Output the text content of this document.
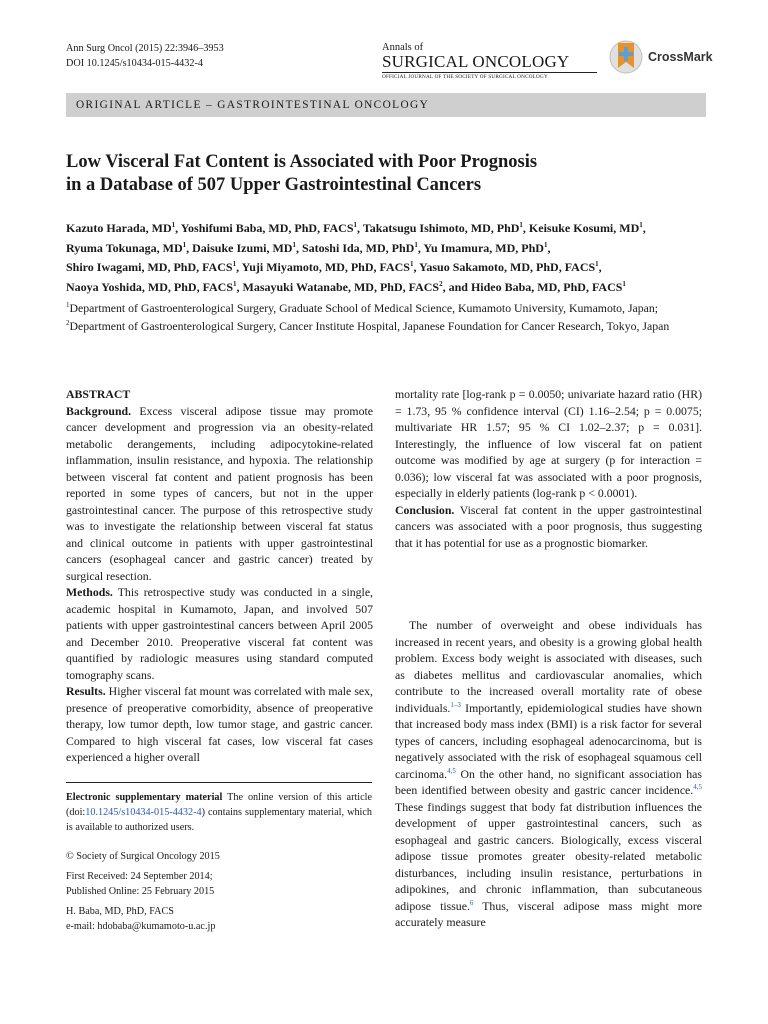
Ann Surg Oncol (2015) 22:3946–3953
DOI 10.1245/s10434-015-4432-4
Annals of
SURGICAL ONCOLOGY
OFFICIAL JOURNAL OF THE SOCIETY OF SURGICAL ONCOLOGY
CrossMark
ORIGINAL ARTICLE – GASTROINTESTINAL ONCOLOGY
Low Visceral Fat Content is Associated with Poor Prognosis
in a Database of 507 Upper Gastrointestinal Cancers
Kazuto Harada, $MD^1$, Yoshifumi Baba, MD, PhD, FACS$^1$, Takatsugu Ishimoto, MD, PhD$^1$, Keisuke Kosumi, $MD^1$,
Ryuma Tokunaga, $MD^1$, Daisuke Izumi, $MD^1$, Satoshi Ida, MD, PhD$^1$, Yu Imamura, MD, PhD$^1$,
Shiro Iwagami, MD, PhD, FACS$^1$, Yuji Miyamoto, MD, PhD, FACS$^1$, Yasuo Sakamoto, MD, PhD, FACS$^1$,
Naoya Yoshida, MD, PhD, FACS$^1$, Masayuki Watanabe, MD, PhD, FACS$^2$, and Hideo Baba, MD, PhD, FACS$^1$
$^1$Department of Gastroenterological Surgery, Graduate School of Medical Science, Kumamoto University, Kumamoto, Japan; $^2$Department of Gastroenterological Surgery, Cancer Institute Hospital, Japanese Foundation for Cancer Research, Tokyo, Japan

ABSTRACT

Background. Excess visceral adipose tissue may promote cancer development and progression via an obesity-related metabolic derangements, including adipocytokine-related inflammation, insulin resistance, and hypoxia. The relationship between visceral fat content and patient prognosis has been reported in some types of cancers, but not in the upper gastrointestinal cancer. The purpose of this retrospective study was to investigate the relationship between visceral fat status and clinical outcome in patients with upper gastrointestinal cancers (esophageal cancer and gastric cancer) treated by surgical resection.

Methods. This retrospective study was conducted in a single, academic hospital in Kumamoto, Japan, and involved 507 patients with upper gastrointestinal cancers between April 2005 and December 2010. Preoperative visceral fat content was quantified by radiologic measures using standard computed tomography scans.

Results. Higher visceral fat mount was correlated with male sex, presence of preoperative comorbidity, absence of preoperative therapy, low tumor depth, low tumor stage, and gastric cancer. Compared to high visceral fat cases, low visceral fat cases experienced a higher overall

mortality rate [log-rank p = 0.0050; univariate hazard ratio (HR) = 1.73, 95 % confidence interval (CI) 1.16–2.54; p = 0.0075; multivariate HR 1.57; 95 % CI 1.02–2.37; p = 0.031]. Interestingly, the influence of low visceral fat on patient outcome was modified by age at surgery (p for interaction = 0.036); low visceral fat was associated with a poor prognosis, especially in elderly patients (log-rank p < 0.0001).

Conclusion. Visceral fat content in the upper gastrointestinal cancers was associated with a poor prognosis, thus suggesting that it has potential for use as a prognostic biomarker.

The number of overweight and obese individuals has increased in recent years, and obesity is a growing global health problem. Excess body weight is associated with diseases, such as diabetes mellitus and cardiovascular anomalies, which contribute to the increased overall mortality rate of obese individuals.$^{1-3}$ Importantly, epidemiological studies have shown that increased body mass index (BMI) is a risk factor for several types of cancers, including esophageal adenocarcinoma, but is negatively associated with the risk of esophageal squamous cell carcinoma.$^{4,5}$ On the other hand, no significant association has been identified between obesity and gastric cancer incidence.$^{4,5}$ These findings suggest that body fat distribution influences the development of upper gastrointestinal cancers, such as esophageal and gastric cancers. Biologically, excess visceral adipose tissue promotes greater obesity-related metabolic disturbances, including insulin resistance, perturbations in adipokines, and chronic inflammation, than subcutaneous adipose tissue.$^6$ Thus, visceral adipose mass might more accurately measure

Electronic supplementary material The online version of this article (doi:10.1245/s10434-015-4432-4) contains supplementary material, which is available to authorized users.

© Society of Surgical Oncology 2015

First Received: 24 September 2014;

Published Online: 25 February 2015

H. Baba, MD, PhD, FACS

e-mail: hdobaba@kumamoto-u.ac.jp
